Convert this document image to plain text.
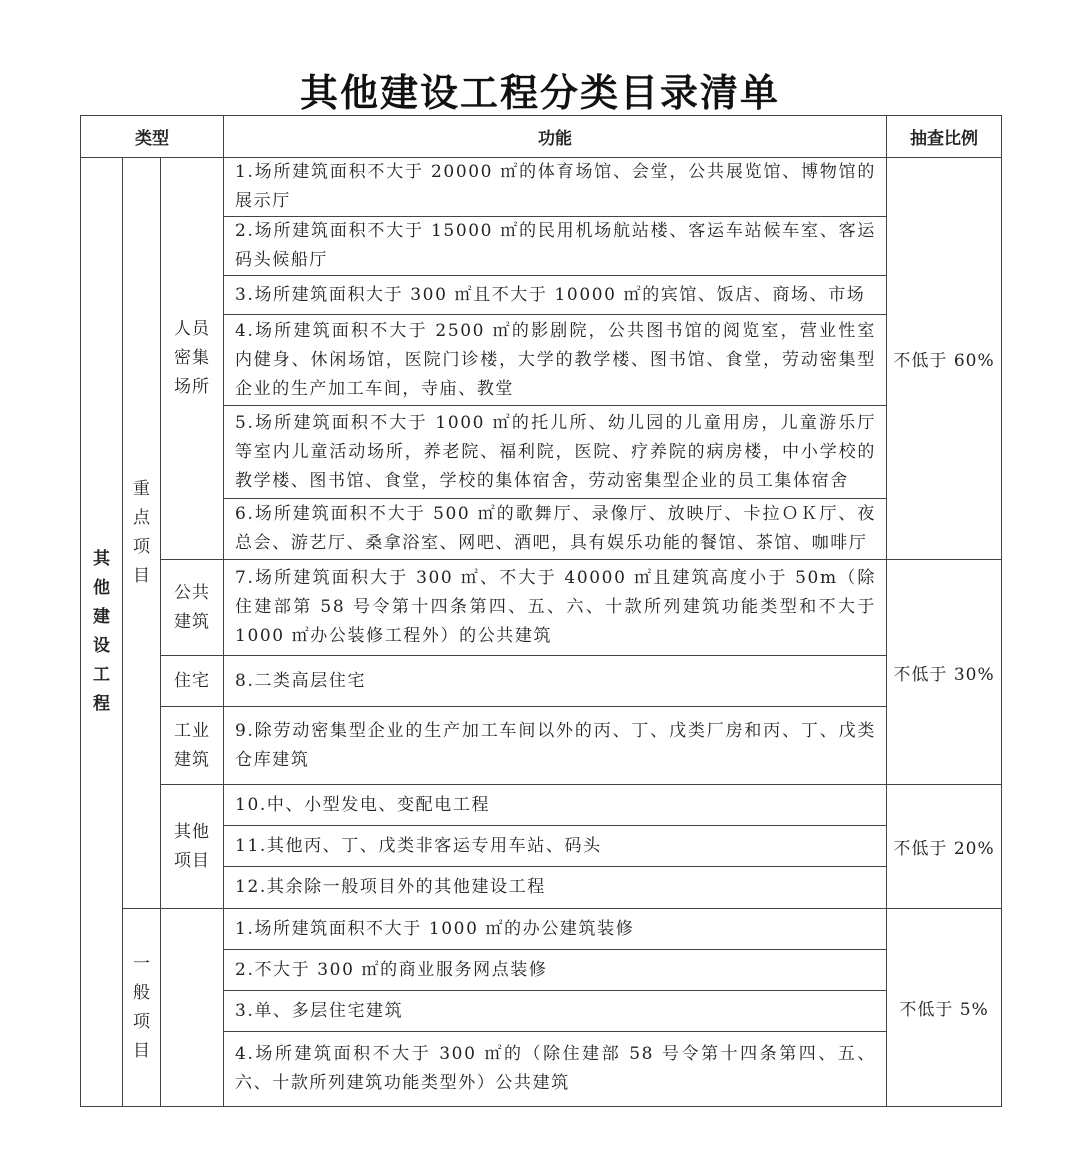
其他建设工程分类目录清单
类型			功能	抽查比例
其他建设工程	重点项目	人员密集场所	1.场所建筑面积不大于 20000 ㎡的体育场馆、会堂，公共展览馆、博物馆的展示厅	不低于 60%
			2.场所建筑面积不大于 15000 ㎡的民用机场航站楼、客运车站候车室、客运码头候船厅	
			3.场所建筑面积大于 300 ㎡且不大于 10000 ㎡的宾馆、饭店、商场、市场	
			4.场所建筑面积不大于 2500 ㎡的影剧院，公共图书馆的阅览室，营业性室内健身、休闲场馆，医院门诊楼，大学的教学楼、图书馆、食堂，劳动密集型企业的生产加工车间，寺庙、教堂	
			5.场所建筑面积不大于 1000 ㎡的托儿所、幼儿园的儿童用房，儿童游乐厅等室内儿童活动场所，养老院、福利院，医院、疗养院的病房楼，中小学校的教学楼、图书馆、食堂，学校的集体宿舍，劳动密集型企业的员工集体宿舍	
			6.场所建筑面积不大于 500 ㎡的歌舞厅、录像厅、放映厅、卡拉ＯＫ厅、夜总会、游艺厅、桑拿浴室、网吧、酒吧，具有娱乐功能的餐馆、茶馆、咖啡厅	
		公共建筑	7.场所建筑面积大于 300 ㎡、不大于 40000 ㎡且建筑高度小于 50m（除住建部第 58 号令第十四条第四、五、六、十款所列建筑功能类型和不大于 1000 ㎡办公装修工程外）的公共建筑	不低于 30%
		住宅	8.二类高层住宅	
		工业建筑	9.除劳动密集型企业的生产加工车间以外的丙、丁、戊类厂房和丙、丁、戊类仓库建筑	
		其他项目	10.中、小型发电、变配电工程	不低于 20%
			11.其他丙、丁、戊类非客运专用车站、码头	
			12.其余除一般项目外的其他建设工程	
	一般项目		1.场所建筑面积不大于 1000 ㎡的办公建筑装修	不低于 5%
			2.不大于 300 ㎡的商业服务网点装修	
			3.单、多层住宅建筑	
			4.场所建筑面积不大于 300 ㎡的（除住建部 58 号令第十四条第四、五、六、十款所列建筑功能类型外）公共建筑	
